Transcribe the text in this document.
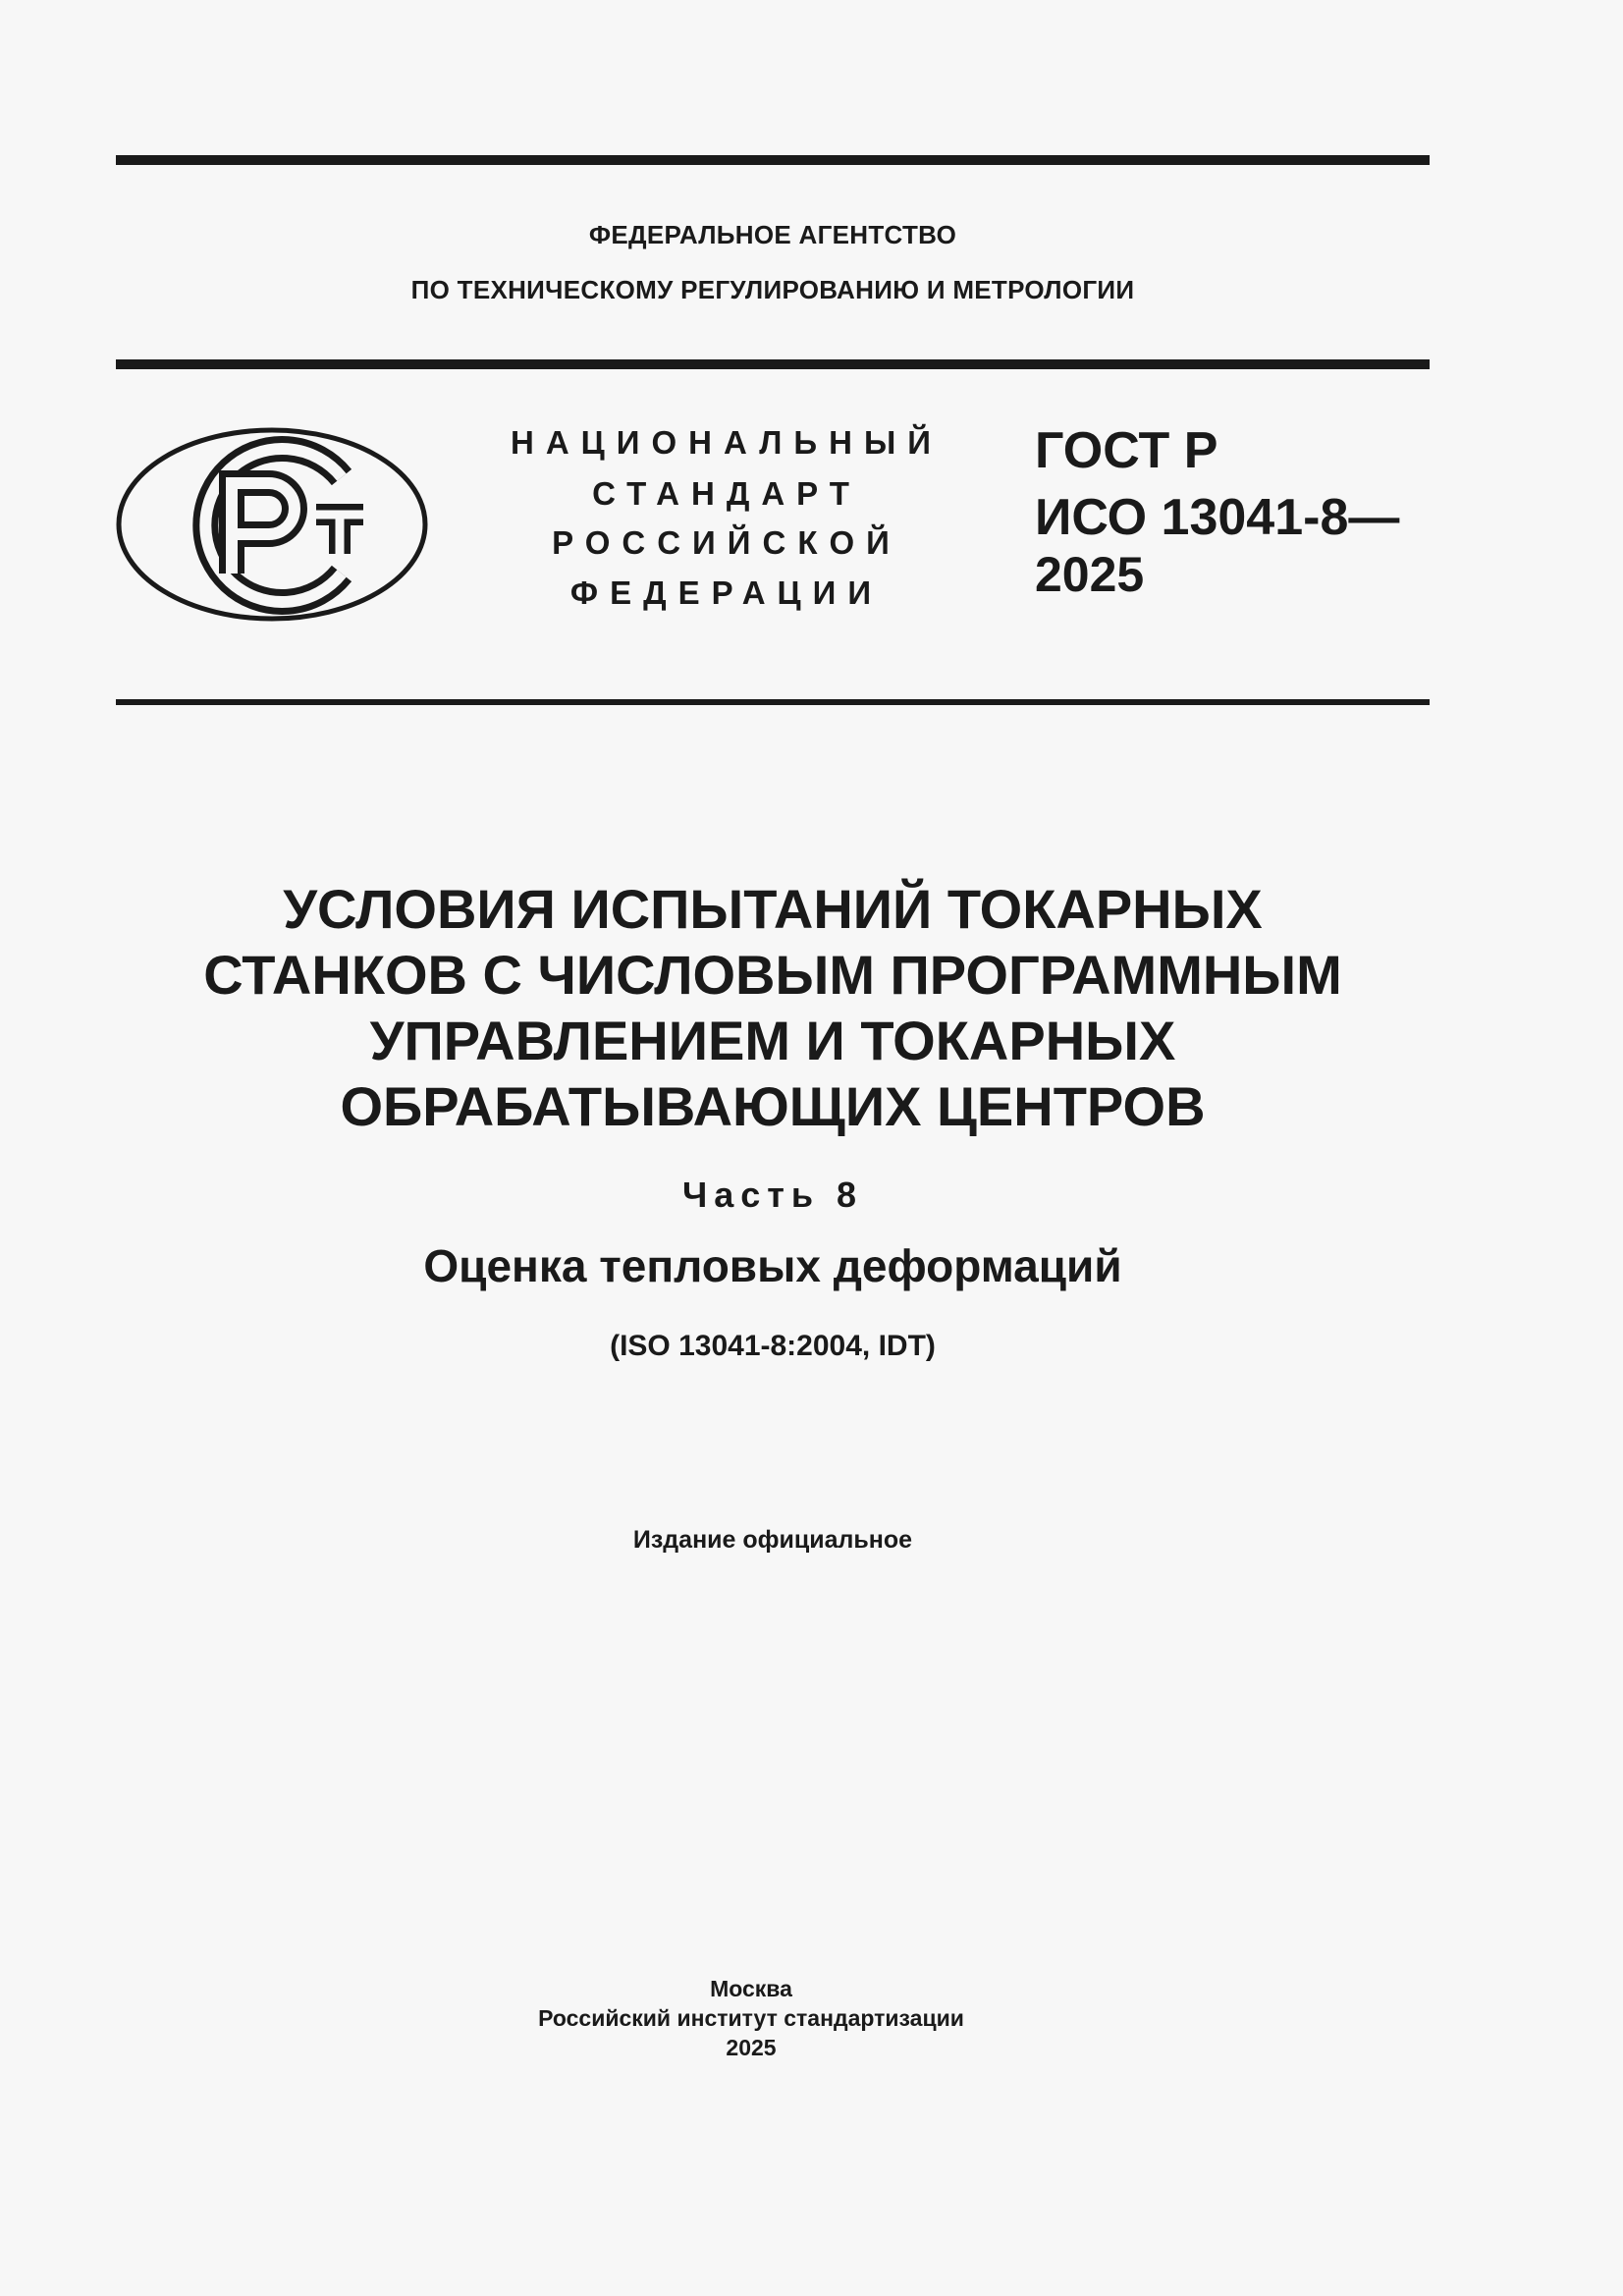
ФЕДЕРАЛЬНОЕ АГЕНТСТВО
ПО ТЕХНИЧЕСКОМУ РЕГУЛИРОВАНИЮ И МЕТРОЛОГИИ
НАЦИОНАЛЬНЫЙ
СТАНДАРТ
РОССИЙСКОЙ
ФЕДЕРАЦИИ
ГОСТ Р
ИСО 13041-8—
2025
УСЛОВИЯ ИСПЫТАНИЙ ТОКАРНЫХ
СТАНКОВ С ЧИСЛОВЫМ ПРОГРАММНЫМ
УПРАВЛЕНИЕМ И ТОКАРНЫХ
ОБРАБАТЫВАЮЩИХ ЦЕНТРОВ
Часть 8
Оценка тепловых деформаций
(ISO 13041-8:2004, IDT)
Издание официальное
Москва
Российский институт стандартизации
2025
